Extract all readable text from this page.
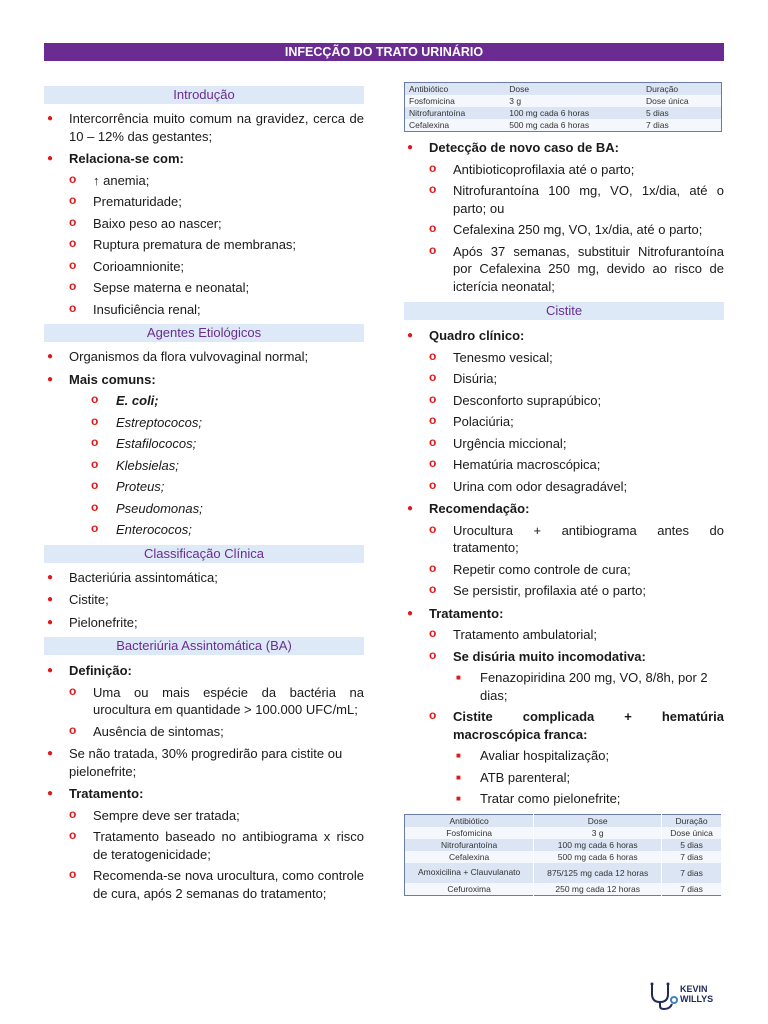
INFECÇÃO DO TRATO URINÁRIO
Introdução
● Intercorrência muito comum na gravidez, cerca de 10 – 12% das gestantes;
● Relaciona-se com:
o ↑ anemia;
o Prematuridade;
o Baixo peso ao nascer;
o Ruptura prematura de membranas;
o Corioamnionite;
o Sepse materna e neonatal;
o Insuficiência renal;
Agentes Etiológicos
● Organismos da flora vulvovaginal normal;
● Mais comuns:
o E. coli;
o Estreptococos;
o Estafilococos;
o Klebsielas;
o Proteus;
o Pseudomonas;
o Enterococos;
Classificação Clínica
● Bacteriúria assintomática;
● Cistite;
● Pielonefrite;
Bacteriúria Assintomática (BA)
● Definição:
o Uma ou mais espécie da bactéria na urocultura em quantidade > 100.000 UFC/mL;
o Ausência de sintomas;
● Se não tratada, 30% progredirão para cistite ou pielonefrite;
● Tratamento:
o Sempre deve ser tratada;
o Tratamento baseado no antibiograma x risco de teratogenicidade;
o Recomenda-se nova urocultura, como controle de cura, após 2 semanas do tratamento;
Antibiótico	Dose	Duração
Fosfomicina	3 g	Dose única
Nitrofurantoína	100 mg cada 6 horas	5 dias
Cefalexina	500 mg cada 6 horas	7 dias
● Detecção de novo caso de BA:
o Antibioticoprofilaxia até o parto;
o Nitrofurantoína 100 mg, VO, 1x/dia, até o parto; ou
o Cefalexina 250 mg, VO, 1x/dia, até o parto;
o Após 37 semanas, substituir Nitrofurantoína por Cefalexina 250 mg, devido ao risco de icterícia neonatal;
Cistite
● Quadro clínico:
o Tenesmo vesical;
o Disúria;
o Desconforto suprapúbico;
o Polaciúria;
o Urgência miccional;
o Hematúria macroscópica;
o Urina com odor desagradável;
● Recomendação:
o Urocultura + antibiograma antes do tratamento;
o Repetir como controle de cura;
o Se persistir, profilaxia até o parto;
● Tratamento:
o Tratamento ambulatorial;
o Se disúria muito incomodativa:
■ Fenazopiridina 200 mg, VO, 8/8h, por 2 dias;
o Cistite complicada + hematúria macroscópica franca:
■ Avaliar hospitalização;
■ ATB parenteral;
■ Tratar como pielonefrite;
Antibiótico	Dose	Duração
Fosfomicina	3 g	Dose única
Nitrofurantoína	100 mg cada 6 horas	5 dias
Cefalexina	500 mg cada 6 horas	7 dias
Amoxicilina + Clauvulanato	875/125 mg cada 12 horas	7 dias
Cefuroxima	250 mg cada 12 horas	7 dias
KEVIN
WILLYS
